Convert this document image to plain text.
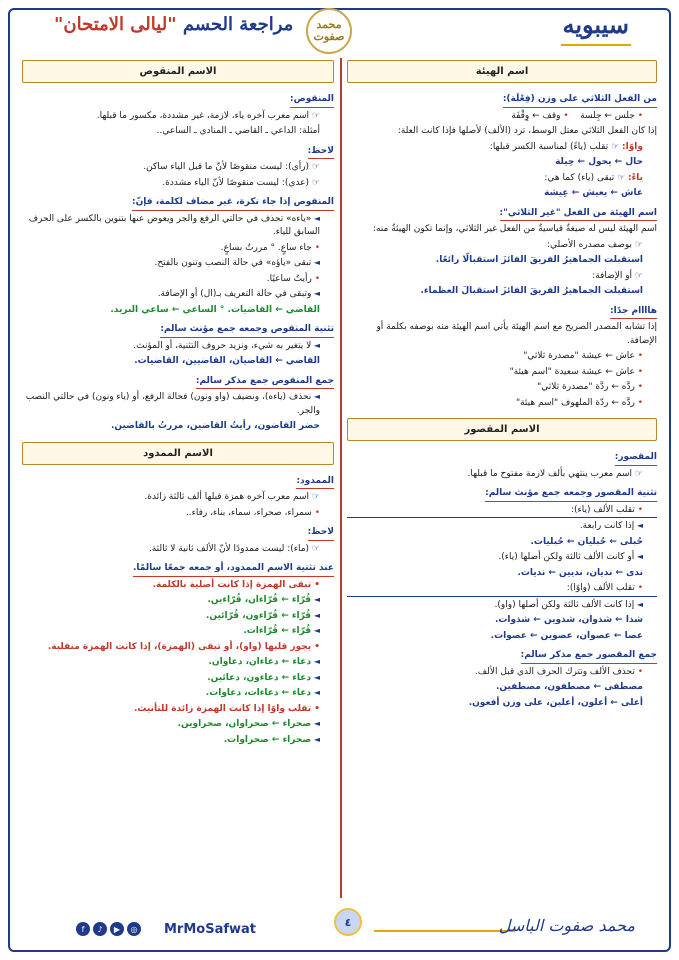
سيبويه
محمد صفوت
مراجعة الحسم "ليالى الامتحان"
اسم الهيئة
من الفعل الثلاثي على وزن (فِعْلَة):
• جلس ← جِلسة    • وقف ← وِقْفَة
إذا كان الفعل الثلاثي معتل الوسط، ترد (الألف) لأصلها فإذا كانت العلة:
واوًا: ☞ تقلب (ياءً) لمناسبة الكسر قبلها:
حال ← يحول ← حِيلة
ياءً: ☞ تبقى (ياء) كما هي:
عاش ← يعيش ← عِيشة
اسم الهيئة من الفعل "غير الثلاثي":
اسم الهيئة ليس له صيغةٌ قياسيةٌ من الفعل غير الثلاثي، وإنما تكون الهيئةُ منه:
☞ بوصف مصدره الأصلي:
استقبلت الجماهيرُ الفريقَ الفائزَ استقبالًا رائعًا.
☞ أو الإضافة:
استقبلت الجماهيرُ الفريقَ الفائزَ استقبالَ العظماء.
هاااام جدًا:
إذا تشابه المصدر الصريح مع اسم الهيئة يأتي اسم الهيئة منه بوصفه بكلمة أو الإضافة.
• عاش ← عيشة "مصدرة ثلاثي"
• عاش ← عيشة سعيدة "اسم هيئة"
• ردَّه ← ردَّة "مصدرة ثلاثي"
• ردَّه ← ردّة الملهوف "اسم هيئة"
الاسم المقصور
المقصور:
☞ اسم معرب ينتهي بألف لازمة مفتوح ما قبلها.
تثنية المقصور وجمعه جمع مؤنث سالم:
• تقلب الألف (ياء):
◄ إذا كانت رابعة.
حُبلى ← حُبليان ← حُبليات.
◄ أو كانت الألف ثالثة ولكن أصلها (ياء).
ندى ← نديان، نديين ← نديات.
• تقلب الألف (واوًا):
◄ إذا كانت الألف ثالثة ولكن أصلها (واو).
شذا ← شذوان، شذوين ← شذوات.
عصا ← عصوان، عصوين ← عصوات.
جمع المقصور جمع مذكر سالم:
• تحذف الألف وتترك الحرف الذي قبل الألف.
مصطفى ← مصطفون، مصطفين.
أعلى ← أعلون، أعلين، على وزن أفعون.
الاسم المنقوص
المنقوص:
☞ اسم معرب آخره ياء، لازمة، غير مشددة، مكسور ما قبلها.
أمثلة: الداعي ـ القاضي ـ المنادي ـ الساعي..
لاحظ:
☞ (رأي): ليست منقوصًا لأنّ ما قبل الياء ساكن.
☞ (عدي): ليست منقوصًا لأنّ الياء مشددة.
المنقوص إذا جاء نكرة، غير مضاف لكلمة، فإنّ:
◄ «ياءه» تحذف في حالتي الرفع والجر ويعوض عنها بتنوين بالكسر على الحرف السابق للياء.
• جاء ساعٍ. ° مررتُ بساعٍ.
◄ تبقى «ياؤه» في حالة النصب وتنون بالفتح.
• رأيتُ ساعيًا.
◄ وتبقى في حالة التعريف بـ(ال) أو الإضافة.
القاضي ← القاضيات. ° الساعي ← ساعي البريد.
تثنية المنقوص وجمعه جمع مؤنث سالم:
◄ لا يتغير به شيء، ونزيد حروف التثنية، أو المؤنث.
القاضي ← القاضيان، القاضيين، القاضيات.
جمع المنقوص جمع مذكر سالم:
◄ نحذف (ياءه)، ونضيف (واو ونون) فحالة الرفع، أو (ياء ونون) في حالتي النصب والجر.
حضر القاضون، رأيتُ القاضين، مررتُ بالقاضين.
الاسم الممدود
الممدود:
☞ اسم معرب آخره همزة قبلها ألف ثالثة زائدة.
• سمراء، صحراء، سماء، بناء، رفاء..
لاحظ:
☞ (ماء): ليست ممدودًا لأنّ الألف ثانية لا ثالثة.
عند تثنية الاسم الممدود، أو جمعه جمعًا سالمًا.
• تبقى الهمزة إذا كانت أصلية بالكلمة.
◄ قُرّاء ← قُرّاءان، قُرّاءين.
◄ قُرّاء ← قُرّاءون، قُرّائين.
◄ قُرّاء ← قُرّاءات.
• يجوز قلبها (واو)، أو تبقى (الهمزة)، إذا كانت الهمزة منقلبة.
◄ دعاء ← دعاءان، دعاوان.
◄ دعاء ← دعاءون، دعائين.
◄ دعاء ← دعاءات، دعاوات.
• تقلب واوًا إذا كانت الهمزة زائدة للتأنيث.
◄ صحراء ← صحراوان، صحراوين.
◄ صحراء ← صحراوات.
f	♪	▶	◎ MrMoSafwat	٤	محمد صفوت الباسل
